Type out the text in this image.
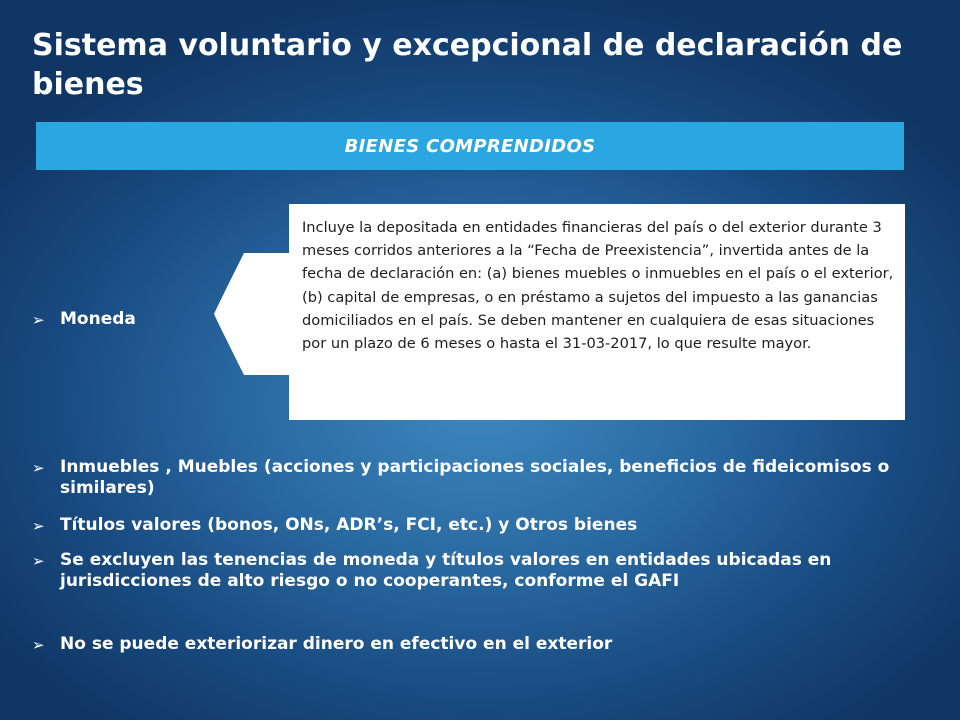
Sistema voluntario y excepcional de declaración de bienes
BIENES COMPRENDIDOS

Incluye la depositada en entidades financieras del país o del exterior durante 3 meses corridos anteriores a la “Fecha de Preexistencia”, invertida antes de la fecha de declaración en: (a) bienes muebles o inmuebles en el país o el exterior, (b) capital de empresas, o en préstamo a sujetos del impuesto a las ganancias domiciliados en el país. Se deben mantener en cualquiera de esas situaciones por un plazo de 6 meses o hasta el 31-03-2017, lo que resulte mayor.

➢ Moneda
➢ Inmuebles , Muebles (acciones y participaciones sociales, beneficios de fideicomisos o similares)
➢ Títulos valores (bonos, ONs, ADR’s, FCI, etc.) y Otros bienes
➢ Se excluyen las tenencias de moneda y títulos valores en entidades ubicadas en jurisdicciones de alto riesgo o no cooperantes, conforme el GAFI
➢ No se puede exteriorizar dinero en efectivo en el exterior
